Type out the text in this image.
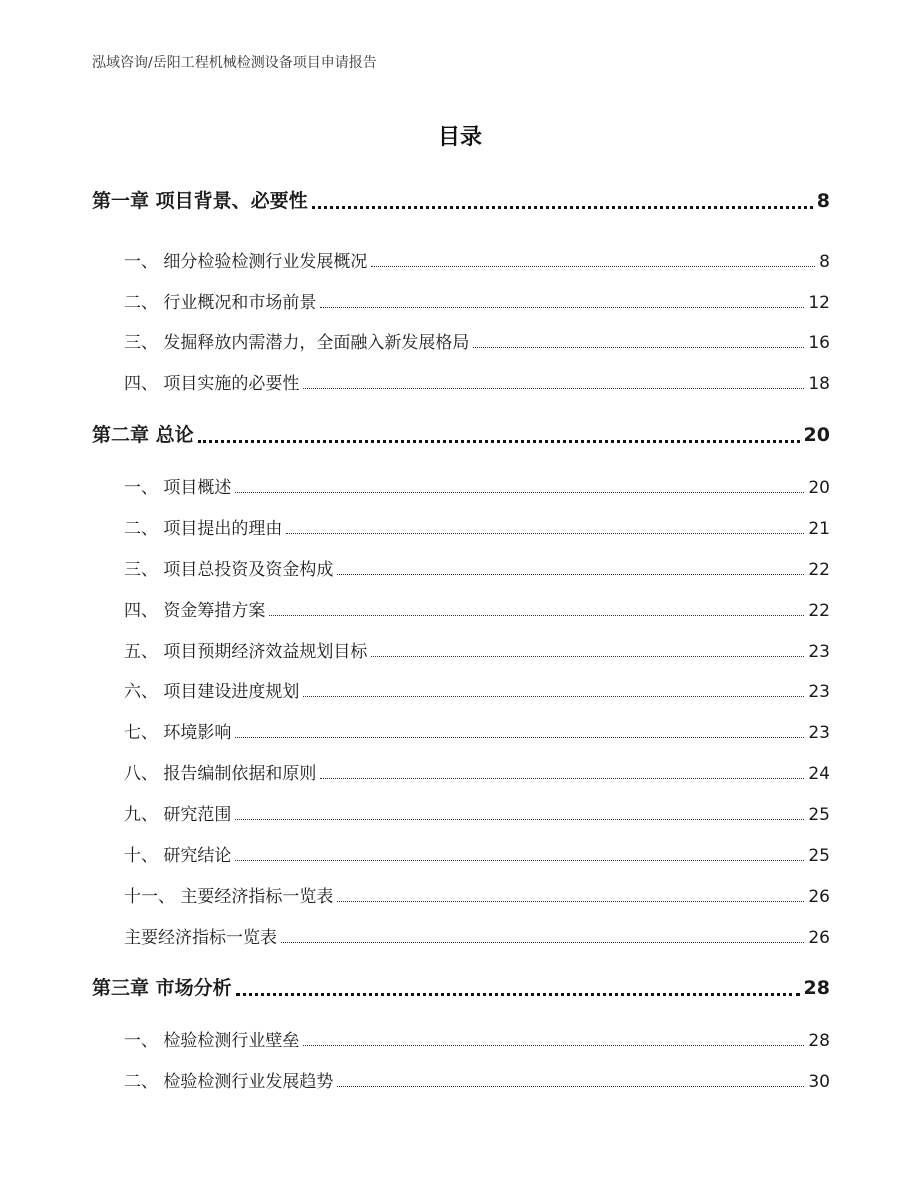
泓域咨询/岳阳工程机械检测设备项目申请报告
目录
第一章 项目背景、必要性	8
一、 细分检验检测行业发展概况	8
二、 行业概况和市场前景	12
三、 发掘释放内需潜力，全面融入新发展格局	16
四、 项目实施的必要性	18
第二章 总论	20
一、 项目概述	20
二、 项目提出的理由	21
三、 项目总投资及资金构成	22
四、 资金筹措方案	22
五、 项目预期经济效益规划目标	23
六、 项目建设进度规划	23
七、 环境影响	23
八、 报告编制依据和原则	24
九、 研究范围	25
十、 研究结论	25
十一、 主要经济指标一览表	26
主要经济指标一览表	26
第三章 市场分析	28
一、 检验检测行业壁垒	28
二、 检验检测行业发展趋势	30
